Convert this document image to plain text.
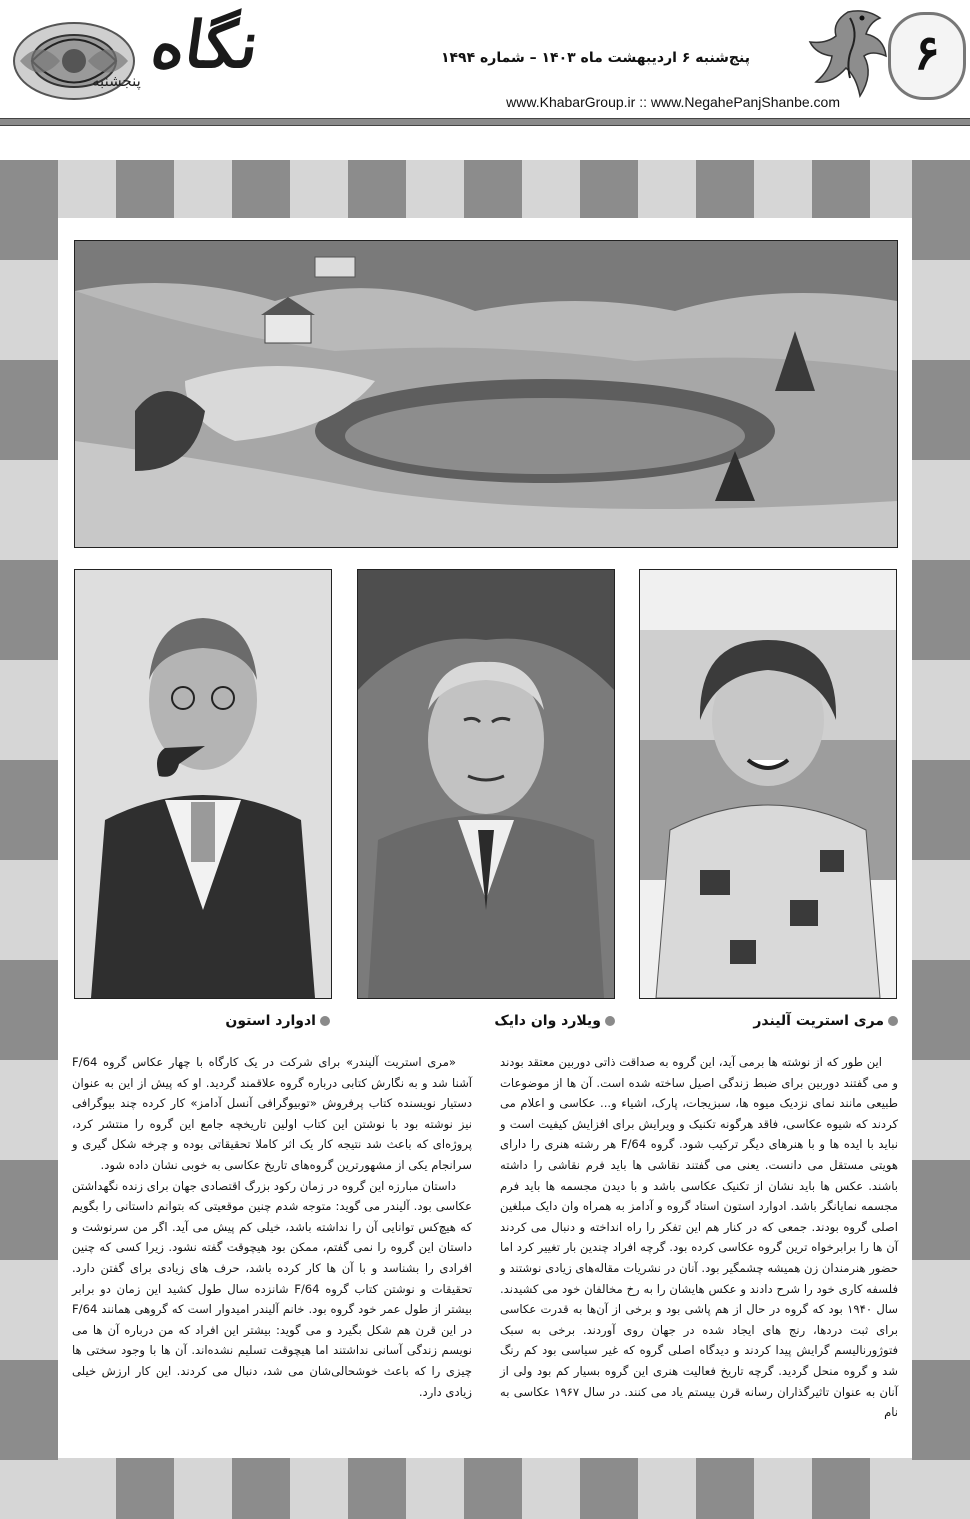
نگاه
پنجشنبه
پنج‌شنبه ۶ اردیبهشت ماه ۱۴۰۳ – شماره ۱۴۹۴
www.KhabarGroup.ir :: www.NegahePanjShanbe.com
۶
ادوارد استون	ویلارد وان دایک	مری استریت آلیندر

این طور که از نوشته ها برمی آید، این گروه به صداقت ذاتی دوربین معتقد بودند و می گفتند دوربین برای ضبط زندگی اصیل ساخته شده است. آن ها از موضوعات طبیعی مانند نمای نزدیک میوه ها، سبزیجات، پارک، اشیاء و... عکاسی و اعلام می کردند که شیوه عکاسی، فاقد هرگونه تکنیک و ویرایش برای افزایش کیفیت است و نباید با ایده ها و با هنرهای دیگر ترکیب شود. گروه F/64 هر رشته هنری را دارای هویتی مستقل می دانست. یعنی می گفتند نقاشی ها باید فرم نقاشی را داشته باشند. عکس ها باید نشان از تکنیک عکاسی باشد و با دیدن مجسمه ها باید فرم مجسمه نمایانگر باشد. ادوارد استون استاد گروه و آدامز به همراه وان دایک مبلغین اصلی گروه بودند. جمعی که در کنار هم این تفکر را راه انداخته و دنبال می کردند آن ها را برابرخواه ترین گروه عکاسی کرده بود. گرچه افراد چندین بار تغییر کرد اما حضور هنرمندان زن همیشه چشمگیر بود. آنان در نشریات مقاله‌های زیادی نوشتند و فلسفه کاری خود را شرح دادند و عکس هایشان را به رخ مخالفان خود می کشیدند. سال ۱۹۴۰ بود که گروه در حال از هم پاشی بود و برخی از آن‌ها به قدرت عکاسی برای ثبت دردها، رنج های ایجاد شده در جهان روی آوردند. برخی به سبک فتوژورنالیسم گرایش پیدا کردند و دیدگاه اصلی گروه که غیر سیاسی بود کم رنگ شد و گروه منحل گردید. گرچه تاریخ فعالیت هنری این گروه بسیار کم بود ولی از آنان به عنوان تاثیرگذاران رسانه قرن بیستم یاد می کنند. در سال ۱۹۶۷ عکاسی به نام

«مری استریت آلیندر» برای شرکت در یک کارگاه با چهار عکاس گروه F/64 آشنا شد و به نگارش کتابی درباره گروه علاقمند گردید. او که پیش از این به عنوان دستیار نویسنده کتاب پرفروش «توبیوگرافی آنسل آدامز» کار کرده چند بیوگرافی نیز نوشته بود با نوشتن این کتاب اولین تاریخچه جامع این گروه را منتشر کرد، پروژه‌ای که باعث شد نتیجه کار یک اثر کاملا تحقیقاتی بوده و چرخه شکل گیری و سرانجام یکی از مشهورترین گروه‌های تاریخ عکاسی به خوبی نشان داده شود.

داستان مبارزه این گروه در زمان رکود بزرگ اقتصادی جهان برای زنده نگهداشتن عکاسی بود. آلیندر می گوید: متوجه شدم چنین موقعیتی که بتوانم داستانی را بگویم که هیچ‌کس توانایی آن را نداشته باشد، خیلی کم پیش می آید. اگر من سرنوشت و داستان این گروه را نمی گفتم، ممکن بود هیچوقت گفته نشود. زیرا کسی که چنین افرادی را بشناسد و با آن ها کار کرده باشد، حرف های زیادی برای گفتن دارد. تحقیقات و نوشتن کتاب گروه F/64 شانزده سال طول کشید این زمان دو برابر بیشتر از طول عمر خود گروه بود. خانم آلیندر امیدوار است که گروهی همانند F/64 در این قرن هم شکل بگیرد و می گوید: بیشتر این افراد که من درباره آن ها می نویسم زندگی آسانی نداشتند اما هیچوقت تسلیم نشده‌اند. آن ها با وجود سختی ها چیزی را که باعث خوشحالی‌شان می شد، دنبال می کردند. این کار ارزش خیلی زیادی دارد.
